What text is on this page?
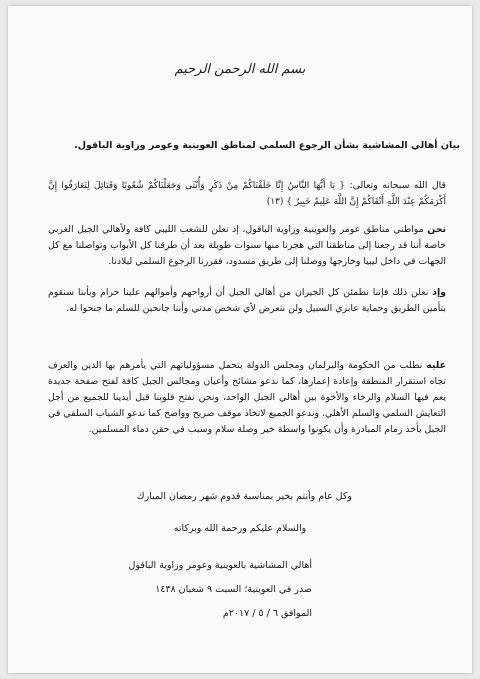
بسم الله الرحمن الرحيم
بيان أهالي المشاشية بشأن الرجوع السلمي لمناطق العوينية وعومر وزاوية الباقول.
قال الله سبحانه وتعالى: { يَا أَيُّهَا النَّاسُ إِنَّا خَلَقْنَاكُمْ مِنْ ذَكَرٍ وَأُنْثَى وَجَعَلْنَاكُمْ شُعُوبًا وَقَبَائِلَ لِتَعَارَفُوا إِنَّ أَكْرَمَكُمْ عِنْدَ اللَّهِ أَتْقَاكُمْ إِنَّ اللَّهَ عَلِيمٌ خَبِيرٌ } (١٣)
نحن مواطني مناطق عومر والعوينية وزاوية الباقول، إذ نعلن للشعب الليبي كافة ولأهالي الجبل الغربي خاصة أننا قد رجعنا إلى مناطقنا التي هجرنا منها سنوات طويلة بعد أن طرقنا كل الأبواب وتواصلنا مع كل الجهات في داخل ليبيا وخارجها ووصلنا إلى طريق مسدود، فقررنا الرجوع السلمي لبلادنا.
وإذ نعلن ذلك فإننا نطمئن كل الجيران من أهالي الجبل أن أرواحهم وأموالهم علينا حرام وبأننا سنقوم بتأمين الطريق وحماية عابري السبيل ولن نتعرض لأي شخص مدني وأننا جانحين للسلم ما جنحوا له.
عليه نطلب من الحكومة والبرلمان ومجلس الدولة بتحمل مسؤولياتهم التي يأمرهم بها الدين والعرف تجاه استقرار المنطقة وإعادة إعمارها، كما ندعو مشائخ وأعيان ومجالس الجبل كافة لفتح صفحة جديدة يعم فيها السلام والرخاء والأخوة بين أهالي الجبل الواحد، ونحن نفتح قلوبنا قبل أيدينا للجميع من أجل التعايش السلمي والسلم الأهلي. وندعو الجميع لاتخاذ موقف صريح وواضح كما ندعو الشباب السلفي في الجبل بأخذ زمام المبادرة وأن يكونوا واسطة خير وصلة سلام وسبب في حقن دماء المسلمين.
وكل عام وأنتم بخير بمناسبة قدوم شهر رمضان المبارك
والسلام عليكم ورحمة الله وبركاته
أهالي المشاشية بالعوينية وعومر وزاوية الباقول
صدر في العوينية؛ السبت ٩ شعبان ١٤٣٨
الموافق ٦ / ٥ / ٢٠١٧م
